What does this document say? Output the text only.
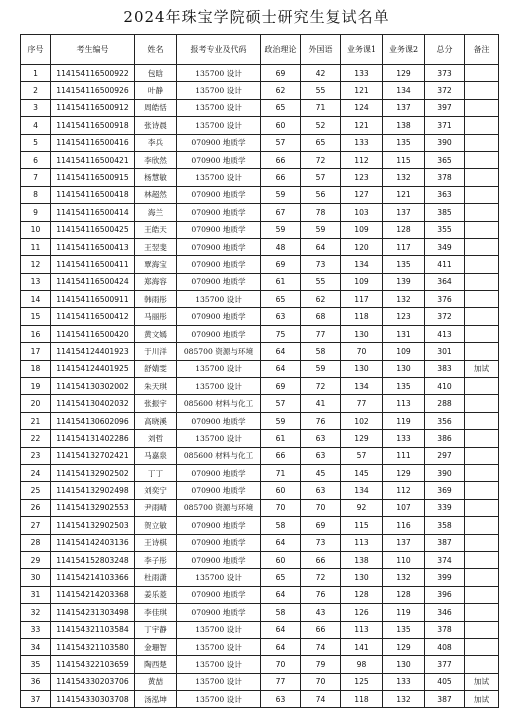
2024年珠宝学院硕士研究生复试名单
序号	考生编号	姓名	报考专业及代码	政治理论	外国语	业务课1	业务课2	总分	备注
1	114154116500922	包晗	135700 设计	69	42	133	129	373	
2	114154116500926	叶静	135700 设计	62	55	121	134	372	
3	114154116500912	周皓恬	135700 设计	65	71	124	137	397	
4	114154116500918	张诗晨	135700 设计	60	52	121	138	371	
5	114154116500416	李兵	070900 地质学	57	65	133	135	390	
6	114154116500421	李欣然	070900 地质学	66	72	112	115	365	
7	114154116500915	杨慧敏	135700 设计	66	57	123	132	378	
8	114154116500418	林超然	070900 地质学	59	56	127	121	363	
9	114154116500414	海兰	070900 地质学	67	78	103	137	385	
10	114154116500425	王皓天	070900 地质学	59	59	109	128	355	
11	114154116500413	王翌斐	070900 地质学	48	64	120	117	349	
12	114154116500411	覃海宝	070900 地质学	69	73	134	135	411	
13	114154116500424	郑海容	070900 地质学	61	55	109	139	364	
14	114154116500911	韩雨彤	135700 设计	65	62	117	132	376	
15	114154116500412	马丽彤	070900 地质学	63	68	118	123	372	
16	114154116500420	黄文嫣	070900 地质学	75	77	130	131	413	
17	114154124401923	于川洋	085700 资源与环境	64	58	70	109	301	
18	114154124401925	舒婧雯	135700 设计	64	59	130	130	383	加试
19	114154130302002	朱天琪	135700 设计	69	72	134	135	410	
20	114154130402032	张振宇	085600 材料与化工	57	41	77	113	288	
21	114154130602096	高晓溪	070900 地质学	59	76	102	119	356	
22	114154131402286	刘哲	135700 设计	61	63	129	133	386	
23	114154132702421	马嘉泉	085600 材料与化工	66	63	57	111	297	
24	114154132902502	丁丁	070900 地质学	71	45	145	129	390	
25	114154132902498	刘奕宁	070900 地质学	60	63	134	112	369	
26	114154132902553	尹雨晴	085700 资源与环境	70	70	92	107	339	
27	114154132902503	贺立敏	070900 地质学	58	69	115	116	358	
28	114154142403136	王诗棋	070900 地质学	64	73	113	137	387	
29	114154152803248	李子彤	070900 地质学	60	66	138	110	374	
30	114154214103366	杜雨潇	135700 设计	65	72	130	132	399	
31	114154214203368	姜乐菱	070900 地质学	64	76	128	128	396	
32	114154231303498	李佳琪	070900 地质学	58	43	126	119	346	
33	114154321103584	丁宇静	135700 设计	64	66	113	135	378	
34	114154321103580	金珊智	135700 设计	64	74	141	129	408	
35	114154322103659	陶西楚	135700 设计	70	79	98	130	377	
36	114154330203706	黄喆	135700 设计	77	70	125	133	405	加试
37	114154330303708	汤泓坤	135700 设计	63	74	118	132	387	加试
